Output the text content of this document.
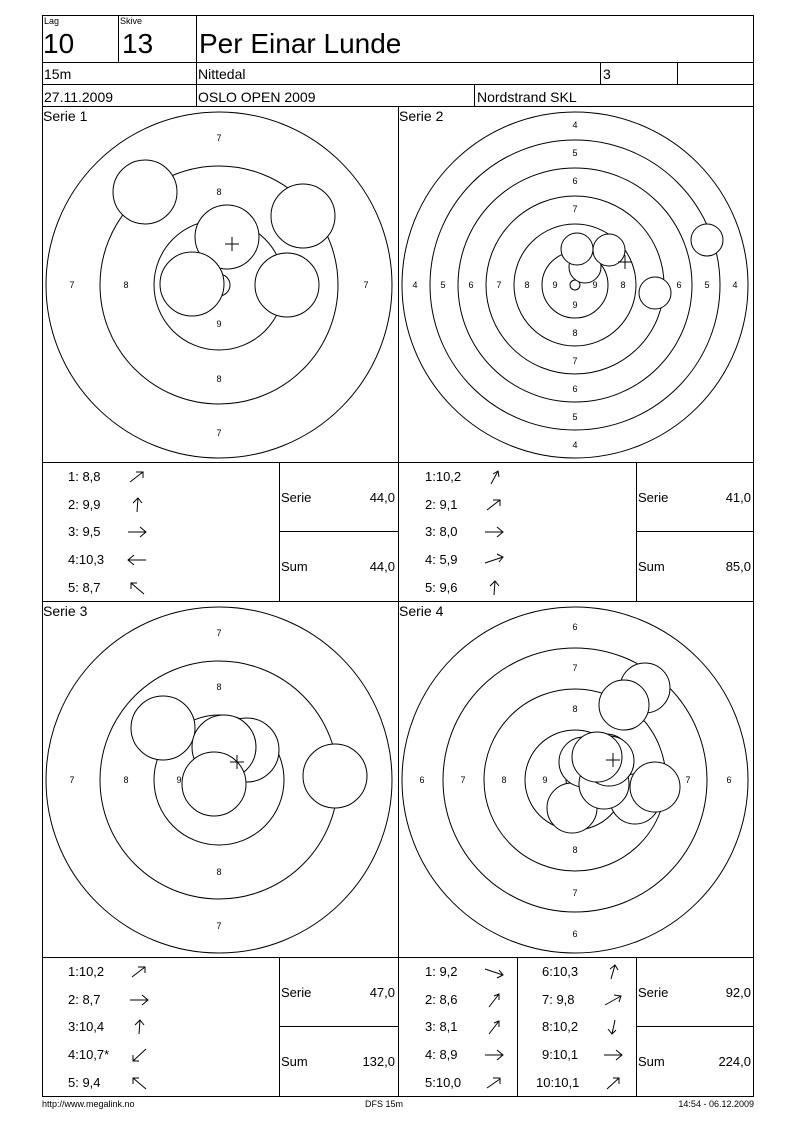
Lag
10
Skive
13 Per Einar Lunde
15m	Nittedal	3
27.11.2009	OSLO OPEN 2009	Nordstrand SKL
Serie 1	Serie 2
Serie 3	Serie 4
7
7
7	7
8
8
8
9
4
5
6
7
9
8
7
6
5
4
4	5	6	7	8	9	9	8	6	5	4
7
7
7
8
8
8	9
6
6
6	6
7
7
7	7
8
8
8	9
1: 8,8
2: 9,9
3: 9,5
4:10,3
5: 8,7
1:10,2
2: 9,1
3: 8,0
4: 5,9
5: 9,6
1:10,2
2: 8,7
3:10,4
4:10,7*
5: 9,4
1: 9,2
2: 8,6
3: 8,1
4: 8,9
5:10,0
6:10,3
7: 9,8
8:10,2
9:10,1
10:10,1
Serie	44,0
Sum	44,0
Serie	41,0
Sum	85,0
Serie	47,0
Sum	132,0
Serie	92,0
Sum	224,0
http://www.megalink.no	DFS 15m	14:54 - 06.12.2009
